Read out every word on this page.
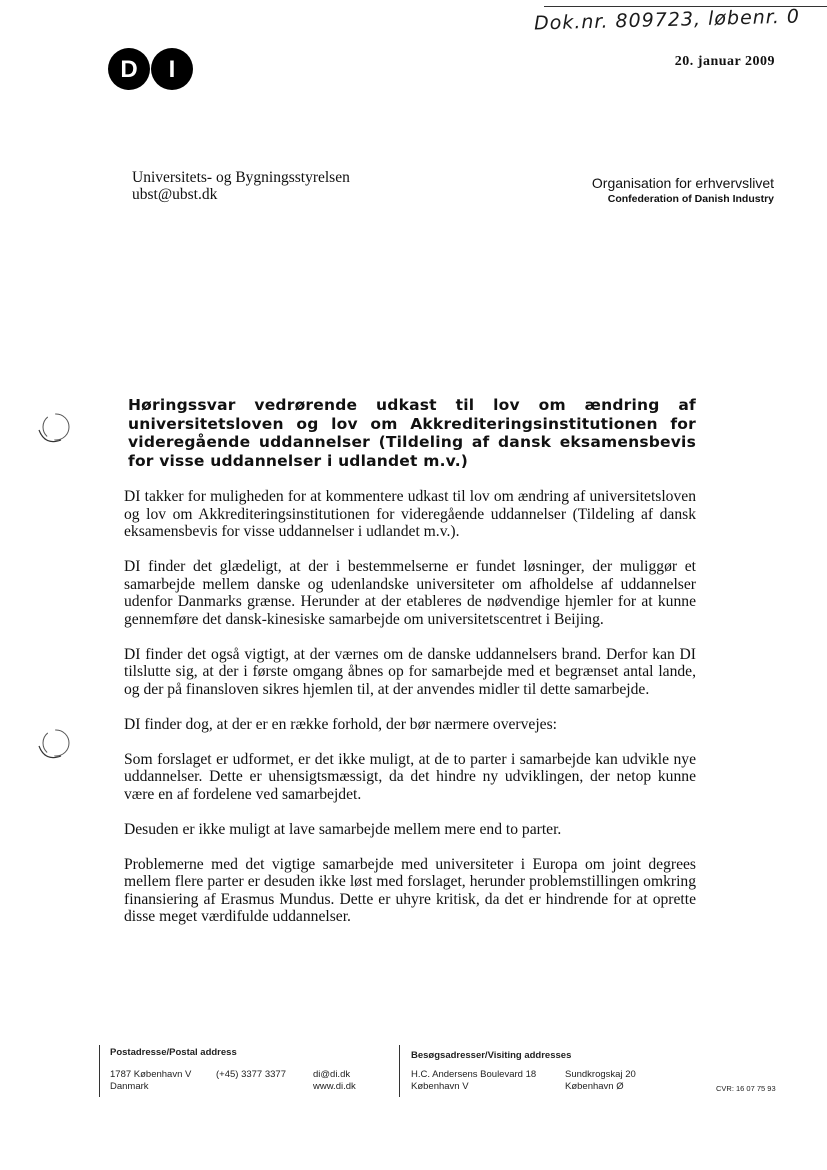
Dok.nr. 809723, løbenr. 0
D I	20. januar 2009
Universitets- og Bygningsstyrelsen
ubst@ubst.dk
Organisation for erhvervslivet
Confederation of Danish Industry
Høringssvar vedrørende udkast til lov om ændring af universitetsloven og lov om Akkrediteringsinstitutionen for videregående uddannelser (Tildeling af dansk eksamensbevis for visse uddannelser i udlandet m.v.)

DI takker for muligheden for at kommentere udkast til lov om ændring af universitetsloven og lov om Akkrediteringsinstitutionen for videregående uddannelser (Tildeling af dansk eksamensbevis for visse uddannelser i udlandet m.v.).

DI finder det glædeligt, at der i bestemmelserne er fundet løsninger, der muliggør et samarbejde mellem danske og udenlandske universiteter om afholdelse af uddannelser udenfor Danmarks grænse. Herunder at der etableres de nødvendige hjemler for at kunne gennemføre det dansk-kinesiske samarbejde om universitetscentret i Beijing.

DI finder det også vigtigt, at der værnes om de danske uddannelsers brand. Derfor kan DI tilslutte sig, at der i første omgang åbnes op for samarbejde med et begrænset antal lande, og der på finansloven sikres hjemlen til, at der anvendes midler til dette samarbejde.

DI finder dog, at der er en række forhold, der bør nærmere overvejes:

Som forslaget er udformet, er det ikke muligt, at de to parter i samarbejde kan udvikle nye uddannelser. Dette er uhensigtsmæssigt, da det hindre ny udviklingen, der netop kunne være en af fordelene ved samarbejdet.

Desuden er ikke muligt at lave samarbejde mellem mere end to parter.

Problemerne med det vigtige samarbejde med universiteter i Europa om joint degrees mellem flere parter er desuden ikke løst med forslaget, herunder problemstillingen omkring finansiering af Erasmus Mundus. Dette er uhyre kritisk, da det er hindrende for at oprette disse meget værdifulde uddannelser.

Postadresse/Postal address
1787 København V
Danmark
(+45) 3377 3377	di@di.dk
www.di.dk
Besøgsadresser/Visiting addresses
H.C. Andersens Boulevard 18
København V
Sundkrogskaj 20
København Ø	CVR: 16 07 75 93
